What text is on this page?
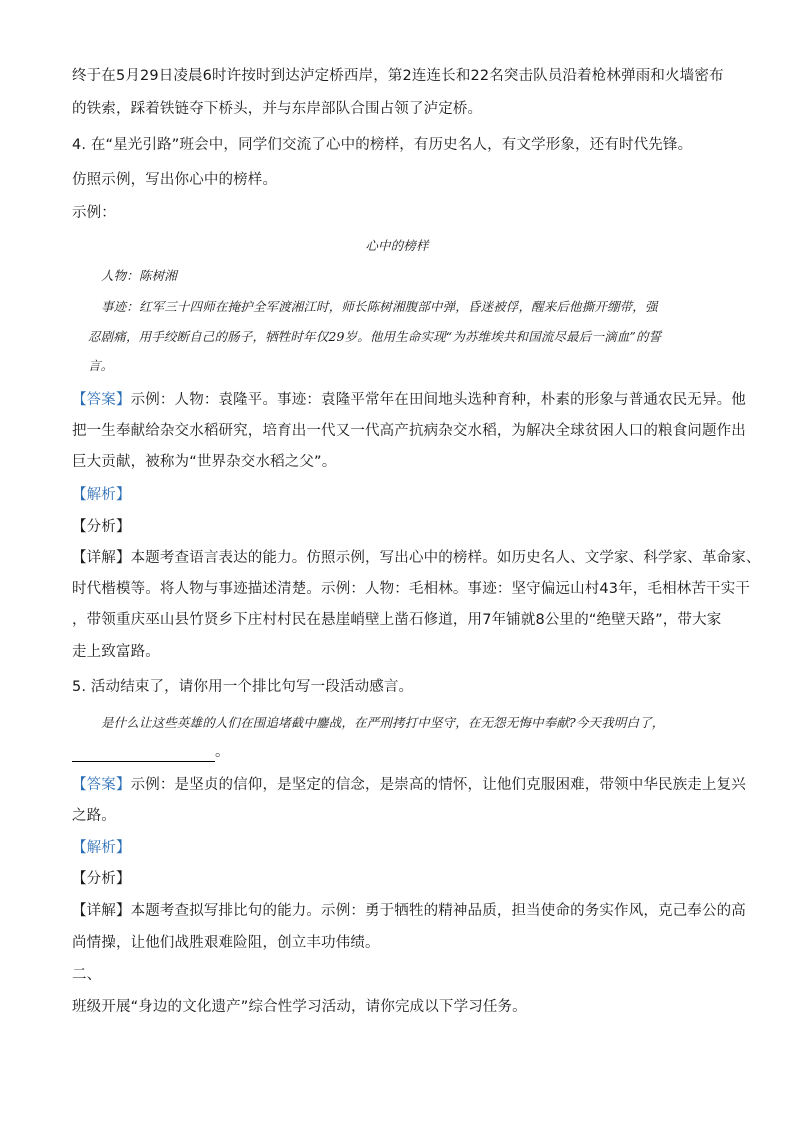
终于在5月29日凌晨6时许按时到达泸定桥西岸，第2连连长和22名突击队员沿着枪林弹雨和火墙密布
的铁索，踩着铁链夺下桥头，并与东岸部队合围占领了泸定桥。
4. 在“星光引路”班会中，同学们交流了心中的榜样，有历史名人，有文学形象，还有时代先锋。
仿照示例，写出你心中的榜样。
示例：
心中的榜样
人物：陈树湘
事迹：红军三十四师在掩护全军渡湘江时，师长陈树湘腹部中弹，昏迷被俘，醒来后他撕开绷带，强
忍剧痛，用手绞断自己的肠子，牺牲时年仅29岁。他用生命实现“为苏维埃共和国流尽最后一滴血”的誓
言。
【答案】示例：人物：袁隆平。事迹：袁隆平常年在田间地头选种育种，朴素的形象与普通农民无异。他
把一生奉献给杂交水稻研究，培育出一代又一代高产抗病杂交水稻，为解决全球贫困人口的粮食问题作出
巨大贡献，被称为“世界杂交水稻之父”。
【解析】
【分析】
【详解】本题考查语言表达的能力。仿照示例，写出心中的榜样。如历史名人、文学家、科学家、革命家、
时代楷模等。将人物与事迹描述清楚。示例：人物：毛相林。事迹：坚守偏远山村43年，毛相林苦干实干
，带领重庆巫山县竹贤乡下庄村村民在悬崖峭壁上凿石修道，用7年铺就8公里的“绝壁天路”，带大家
走上致富路。
5. 活动结束了，请你用一个排比句写一段活动感言。
是什么让这些英雄的人们在围追堵截中鏖战，在严刑拷打中坚守，在无怨无悔中奉献?今天我明白了，
。
【答案】示例：是坚贞的信仰，是坚定的信念，是崇高的情怀，让他们克服困难，带领中华民族走上复兴
之路。
【解析】
【分析】
【详解】本题考查拟写排比句的能力。示例：勇于牺牲的精神品质，担当使命的务实作风，克己奉公的高
尚情操，让他们战胜艰难险阻，创立丰功伟绩。
二、
班级开展“身边的文化遗产”综合性学习活动，请你完成以下学习任务。
